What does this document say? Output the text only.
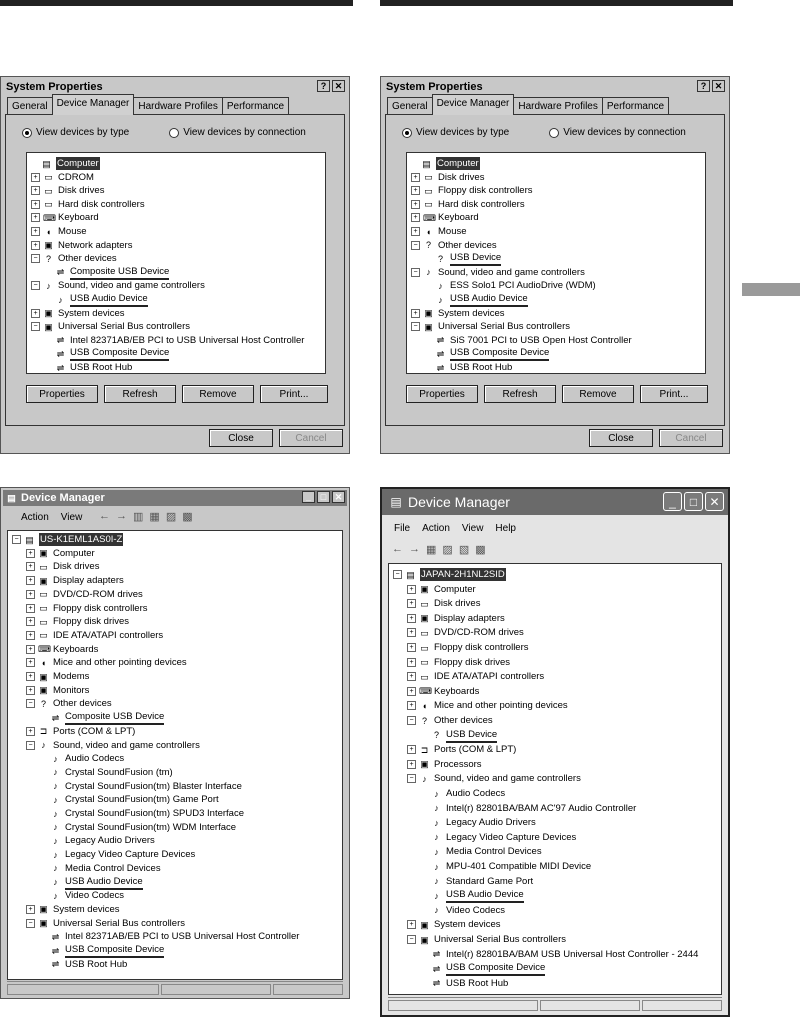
System Properties	? ✕
General Device Manager Hardware Profiles Performance
View devices by type	View devices by connection
▤ Computer
+ ▭ CDROM
+ ▭ Disk drives
+ ▭ Hard disk controllers
+ ⌨ Keyboard
+ ◖ Mouse
+ ▣ Network adapters
− ? Other devices
⇌ Composite USB Device
− ♪ Sound, video and game controllers
♪ USB Audio Device
+ ▣ System devices
− ▣ Universal Serial Bus controllers
⇌ Intel 82371AB/EB PCI to USB Universal Host Controller
⇌ USB Composite Device
⇌ USB Root Hub
Properties	Refresh	Remove	Print...
Close	Cancel
System Properties	? ✕
General Device Manager Hardware Profiles Performance
View devices by type	View devices by connection
▤ Computer
+ ▭ Disk drives
+ ▭ Floppy disk controllers
+ ▭ Hard disk controllers
+ ⌨ Keyboard
+ ◖ Mouse
− ? Other devices
? USB Device
− ♪ Sound, video and game controllers
♪ ESS Solo1 PCI AudioDrive (WDM)
♪ USB Audio Device
+ ▣ System devices
− ▣ Universal Serial Bus controllers
⇌ SiS 7001 PCI to USB Open Host Controller
⇌ USB Composite Device
⇌ USB Root Hub
Properties	Refresh	Remove	Print...
Close	Cancel
▤ Device Manager	_	□ ✕
Action View ← → ▥ ▦ ▨ ▩
− ▤ US-K1EML1AS0I-Z
+ ▣ Computer
+ ▭ Disk drives
+ ▣ Display adapters
+ ▭ DVD/CD-ROM drives
+ ▭ Floppy disk controllers
+ ▭ Floppy disk drives
+ ▭ IDE ATA/ATAPI controllers
+ ⌨ Keyboards
+ ◖ Mice and other pointing devices
+ ▣ Modems
+ ▣ Monitors
− ? Other devices
⇌ Composite USB Device
+ ⊐ Ports (COM & LPT)
− ♪ Sound, video and game controllers
♪ Audio Codecs
♪ Crystal SoundFusion (tm)
♪ Crystal SoundFusion(tm) Blaster Interface
♪ Crystal SoundFusion(tm) Game Port
♪ Crystal SoundFusion(tm) SPUD3 Interface
♪ Crystal SoundFusion(tm) WDM Interface
♪ Legacy Audio Drivers
♪ Legacy Video Capture Devices
♪ Media Control Devices
♪ USB Audio Device
♪ Video Codecs
+ ▣ System devices
− ▣ Universal Serial Bus controllers
⇌ Intel 82371AB/EB PCI to USB Universal Host Controller
⇌ USB Composite Device
⇌ USB Root Hub
▤ Device Manager	_	□	✕
File Action View Help
← → ▦ ▨ ▧ ▩
− ▤ JAPAN-2H1NL2SID
+ ▣ Computer
+ ▭ Disk drives
+ ▣ Display adapters
+ ▭ DVD/CD-ROM drives
+ ▭ Floppy disk controllers
+ ▭ Floppy disk drives
+ ▭ IDE ATA/ATAPI controllers
+ ⌨ Keyboards
+ ◖ Mice and other pointing devices
− ? Other devices
? USB Device
+ ⊐ Ports (COM & LPT)
+ ▣ Processors
− ♪ Sound, video and game controllers
♪ Audio Codecs
♪ Intel(r) 82801BA/BAM AC'97 Audio Controller
♪ Legacy Audio Drivers
♪ Legacy Video Capture Devices
♪ Media Control Devices
♪ MPU-401 Compatible MIDI Device
♪ Standard Game Port
♪ USB Audio Device
♪ Video Codecs
+ ▣ System devices
− ▣ Universal Serial Bus controllers
⇌ Intel(r) 82801BA/BAM USB Universal Host Controller - 2444
⇌ USB Composite Device
⇌ USB Root Hub
